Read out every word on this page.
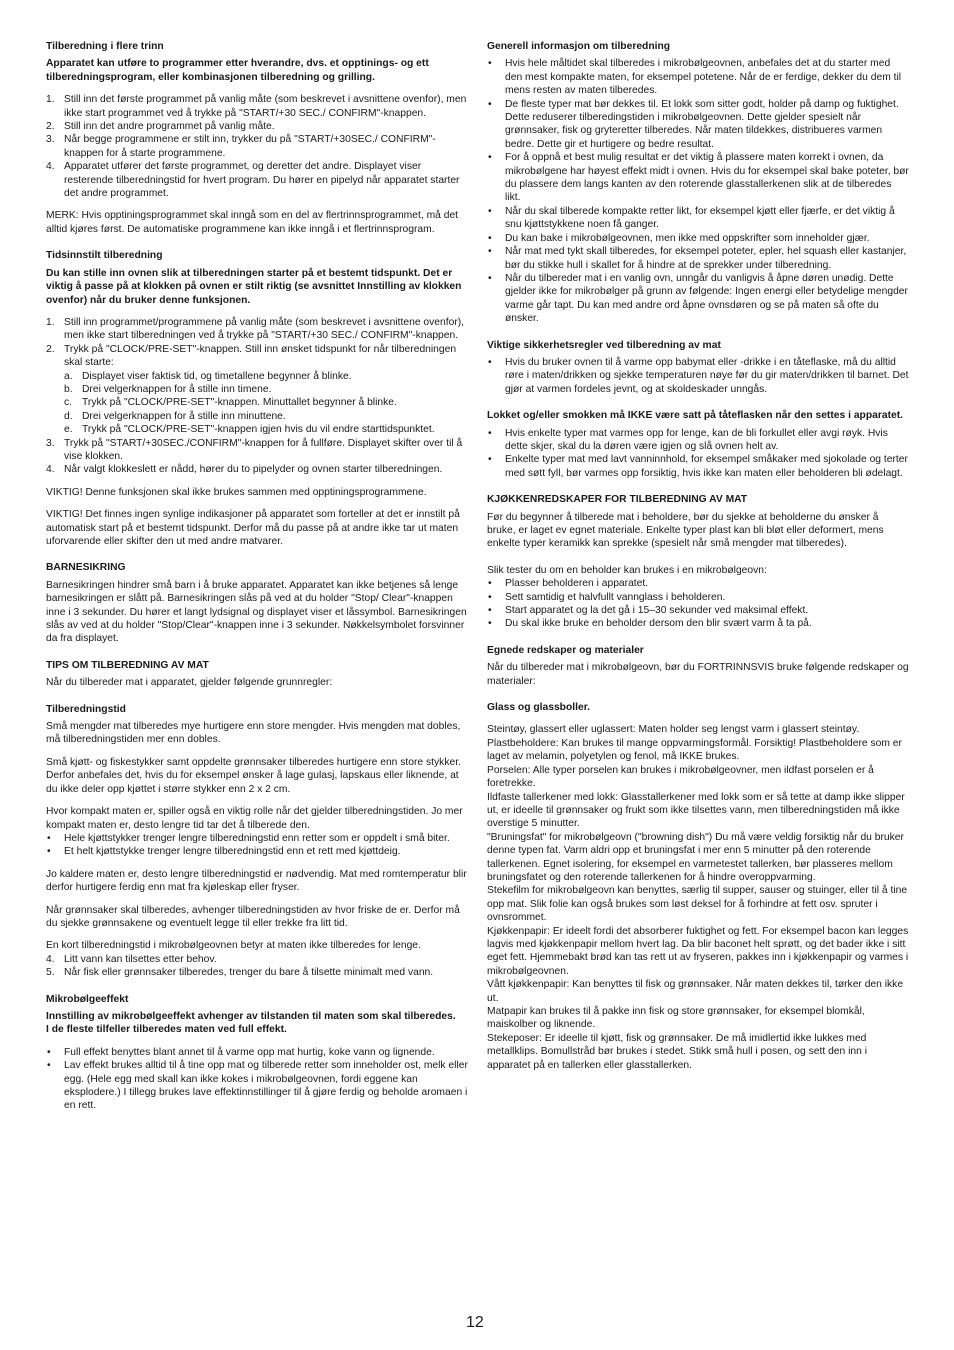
Tilberedning i flere trinn
Apparatet kan utføre to programmer etter hverandre, dvs. et opptinings- og ett tilberedningsprogram, eller kombinasjonen tilberedning og grilling.
1. Still inn det første programmet på vanlig måte (som beskrevet i avsnittene ovenfor), men ikke start programmet ved å trykke på "START/+30 SEC./ CONFIRM"-knappen.
2. Still inn det andre programmet på vanlig måte.
3. Når begge programmene er stilt inn, trykker du på "START/+30SEC./ CONFIRM"-knappen for å starte programmene.
4. Apparatet utfører det første programmet, og deretter det andre. Displayet viser resterende tilberedningstid for hvert program. Du hører en pipelyd når apparatet starter det andre programmet.

MERK: Hvis opptiningsprogrammet skal inngå som en del av flertrinnsprogrammet, må det alltid kjøres først. De automatiske programmene kan ikke inngå i et flertrinnsprogram.

Tidsinnstilt tilberedning
Du kan stille inn ovnen slik at tilberedningen starter på et bestemt tidspunkt. Det er viktig å passe på at klokken på ovnen er stilt riktig (se avsnittet Innstilling av klokken ovenfor) når du bruker denne funksjonen.
1. Still inn programmet/programmene på vanlig måte (som beskrevet i avsnittene ovenfor), men ikke start tilberedningen ved å trykke på "START/+30 SEC./ CONFIRM"-knappen.
2. Trykk på "CLOCK/PRE-SET"-knappen. Still inn ønsket tidspunkt for når tilberedningen skal starte:
a. Displayet viser faktisk tid, og timetallene begynner å blinke.
b. Drei velgerknappen for å stille inn timene.
c. Trykk på "CLOCK/PRE-SET"-knappen. Minuttallet begynner å blinke.
d. Drei velgerknappen for å stille inn minuttene.
e. Trykk på "CLOCK/PRE-SET"-knappen igjen hvis du vil endre starttidspunktet.
3. Trykk på "START/+30SEC./CONFIRM"-knappen for å fullføre. Displayet skifter over til å vise klokken.
4. Når valgt klokkeslett er nådd, hører du to pipelyder og ovnen starter tilberedningen.

VIKTIG! Denne funksjonen skal ikke brukes sammen med opptiningsprogrammene.

VIKTIG! Det finnes ingen synlige indikasjoner på apparatet som forteller at det er innstilt på automatisk start på et bestemt tidspunkt. Derfor må du passe på at andre ikke tar ut maten uforvarende eller skifter den ut med andre matvarer.

BARNESIKRING

Barnesikringen hindrer små barn i å bruke apparatet. Apparatet kan ikke betjenes så lenge barnesikringen er slått på. Barnesikringen slås på ved at du holder "Stop/ Clear"-knappen inne i 3 sekunder. Du hører et langt lydsignal og displayet viser et låssymbol. Barnesikringen slås av ved at du holder "Stop/Clear"-knappen inne i 3 sekunder. Nøkkelsymbolet forsvinner da fra displayet.

TIPS OM TILBEREDNING AV MAT

Når du tilbereder mat i apparatet, gjelder følgende grunnregler:

Tilberedningstid

Små mengder mat tilberedes mye hurtigere enn store mengder. Hvis mengden mat dobles, må tilberedningstiden mer enn dobles.

Små kjøtt- og fiskestykker samt oppdelte grønnsaker tilberedes hurtigere enn store stykker. Derfor anbefales det, hvis du for eksempel ønsker å lage gulasj, lapskaus eller liknende, at du ikke deler opp kjøttet i større stykker enn 2 x 2 cm.

Hvor kompakt maten er, spiller også en viktig rolle når det gjelder tilberedningstiden. Jo mer kompakt maten er, desto lengre tid tar det å tilberede den.

• Hele kjøttstykker trenger lengre tilberedningstid enn retter som er oppdelt i små biter.
• Et helt kjøttstykke trenger lengre tilberedningstid enn et rett med kjøttdeig.

Jo kaldere maten er, desto lengre tilberedningstid er nødvendig. Mat med romtemperatur blir derfor hurtigere ferdig enn mat fra kjøleskap eller fryser.

Når grønnsaker skal tilberedes, avhenger tilberedningstiden av hvor friske de er. Derfor må du sjekke grønnsakene og eventuelt legge til eller trekke fra litt tid.

En kort tilberedningstid i mikrobølgeovnen betyr at maten ikke tilberedes for lenge.

4. Litt vann kan tilsettes etter behov.
5. Når fisk eller grønnsaker tilberedes, trenger du bare å tilsette minimalt med vann.
Mikrobølgeeffekt
Innstilling av mikrobølgeeffekt avhenger av tilstanden til maten som skal tilberedes.
I de fleste tilfeller tilberedes maten ved full effekt.
• Full effekt benyttes blant annet til å varme opp mat hurtig, koke vann og lignende.
• Lav effekt brukes alltid til å tine opp mat og tilberede retter som inneholder ost, melk eller egg. (Hele egg med skall kan ikke kokes i mikrobølgeovnen, fordi eggene kan eksplodere.) I tillegg brukes lave effektinnstillinger til å gjøre ferdig og beholde aromaen i en rett.
Generell informasjon om tilberedning
• Hvis hele måltidet skal tilberedes i mikrobølgeovnen, anbefales det at du starter med den mest kompakte maten, for eksempel potetene. Når de er ferdige, dekker du dem til mens resten av maten tilberedes.
• De fleste typer mat bør dekkes til. Et lokk som sitter godt, holder på damp og fuktighet. Dette reduserer tilberedingstiden i mikrobølgeovnen. Dette gjelder spesielt når grønnsaker, fisk og gryteretter tilberedes. Når maten tildekkes, distribueres varmen bedre. Dette gir et hurtigere og bedre resultat.
• For å oppnå et best mulig resultat er det viktig å plassere maten korrekt i ovnen, da mikrobølgene har høyest effekt midt i ovnen. Hvis du for eksempel skal bake poteter, bør du plassere dem langs kanten av den roterende glasstallerkenen slik at de tilberedes likt.
• Når du skal tilberede kompakte retter likt, for eksempel kjøtt eller fjærfe, er det viktig å snu kjøttstykkene noen få ganger.
• Du kan bake i mikrobølgeovnen, men ikke med oppskrifter som inneholder gjær.
• Når mat med tykt skall tilberedes, for eksempel poteter, epler, hel squash eller kastanjer, bør du stikke hull i skallet for å hindre at de sprekker under tilberedning.
• Når du tilbereder mat i en vanlig ovn, unngår du vanligvis å åpne døren unødig. Dette gjelder ikke for mikrobølger på grunn av følgende: Ingen energi eller betydelige mengder varme går tapt. Du kan med andre ord åpne ovnsdøren og se på maten så ofte du ønsker.
Viktige sikkerhetsregler ved tilberedning av mat
• Hvis du bruker ovnen til å varme opp babymat eller -drikke i en tåteflaske, må du alltid røre i maten/drikken og sjekke temperaturen nøye før du gir maten/drikken til barnet. Det gjør at varmen fordeles jevnt, og at skoldeskader unngås.
Lokket og/eller smokken må IKKE være satt på tåteflasken når den settes i apparatet.
• Hvis enkelte typer mat varmes opp for lenge, kan de bli forkullet eller avgi røyk. Hvis dette skjer, skal du la døren være igjen og slå ovnen helt av.
• Enkelte typer mat med lavt vanninnhold, for eksempel småkaker med sjokolade og terter med søtt fyll, bør varmes opp forsiktig, hvis ikke kan maten eller beholderen bli ødelagt.
KJØKKENREDSKAPER FOR TILBEREDNING AV MAT

Før du begynner å tilberede mat i beholdere, bør du sjekke at beholderne du ønsker å bruke, er laget ev egnet materiale. Enkelte typer plast kan bli bløt eller deformert, mens enkelte typer keramikk kan sprekke (spesielt når små mengder mat tilberedes).

Slik tester du om en beholder kan brukes i en mikrobølgeovn:

• Plasser beholderen i apparatet.
• Sett samtidig et halvfullt vannglass i beholderen.
• Start apparatet og la det gå i 15–30 sekunder ved maksimal effekt.
• Du skal ikke bruke en beholder dersom den blir svært varm å ta på.
Egnede redskaper og materialer

Når du tilbereder mat i mikrobølgeovn, bør du FORTRINNSVIS bruke følgende redskaper og materialer:

Glass og glassboller.

Steintøy, glassert eller uglassert: Maten holder seg lengst varm i glassert steintøy.

Plastbeholdere: Kan brukes til mange oppvarmingsformål. Forsiktig! Plastbeholdere som er laget av melamin, polyetylen og fenol, må IKKE brukes.

Porselen: Alle typer porselen kan brukes i mikrobølgeovner, men ildfast porselen er å foretrekke.

Ildfaste tallerkener med lokk: Glasstallerkener med lokk som er så tette at damp ikke slipper ut, er ideelle til grønnsaker og frukt som ikke tilsettes vann, men tilberedningstiden må ikke overstige 5 minutter.

"Bruningsfat" for mikrobølgeovn ("browning dish") Du må være veldig forsiktig når du bruker denne typen fat. Varm aldri opp et bruningsfat i mer enn 5 minutter på den roterende tallerkenen. Egnet isolering, for eksempel en varmetestet tallerken, bør plasseres mellom bruningsfatet og den roterende tallerkenen for å hindre overoppvarming.

Stekefilm for mikrobølgeovn kan benyttes, særlig til supper, sauser og stuinger, eller til å tine opp mat. Slik folie kan også brukes som løst deksel for å forhindre at fett osv. spruter i ovnsrommet.

Kjøkkenpapir: Er ideelt fordi det absorberer fuktighet og fett. For eksempel bacon kan legges lagvis med kjøkkenpapir mellom hvert lag. Da blir baconet helt sprøtt, og det bader ikke i sitt eget fett. Hjemmebakt brød kan tas rett ut av fryseren, pakkes inn i kjøkkenpapir og varmes i mikrobølgeovnen.

Vått kjøkkenpapir: Kan benyttes til fisk og grønnsaker. Når maten dekkes til, tørker den ikke ut.

Matpapir kan brukes til å pakke inn fisk og store grønnsaker, for eksempel blomkål, maiskolber og liknende.

Stekeposer: Er ideelle til kjøtt, fisk og grønnsaker. De må imidlertid ikke lukkes med metallklips. Bomullstråd bør brukes i stedet. Stikk små hull i posen, og sett den inn i apparatet på en tallerken eller glasstallerken.

12
